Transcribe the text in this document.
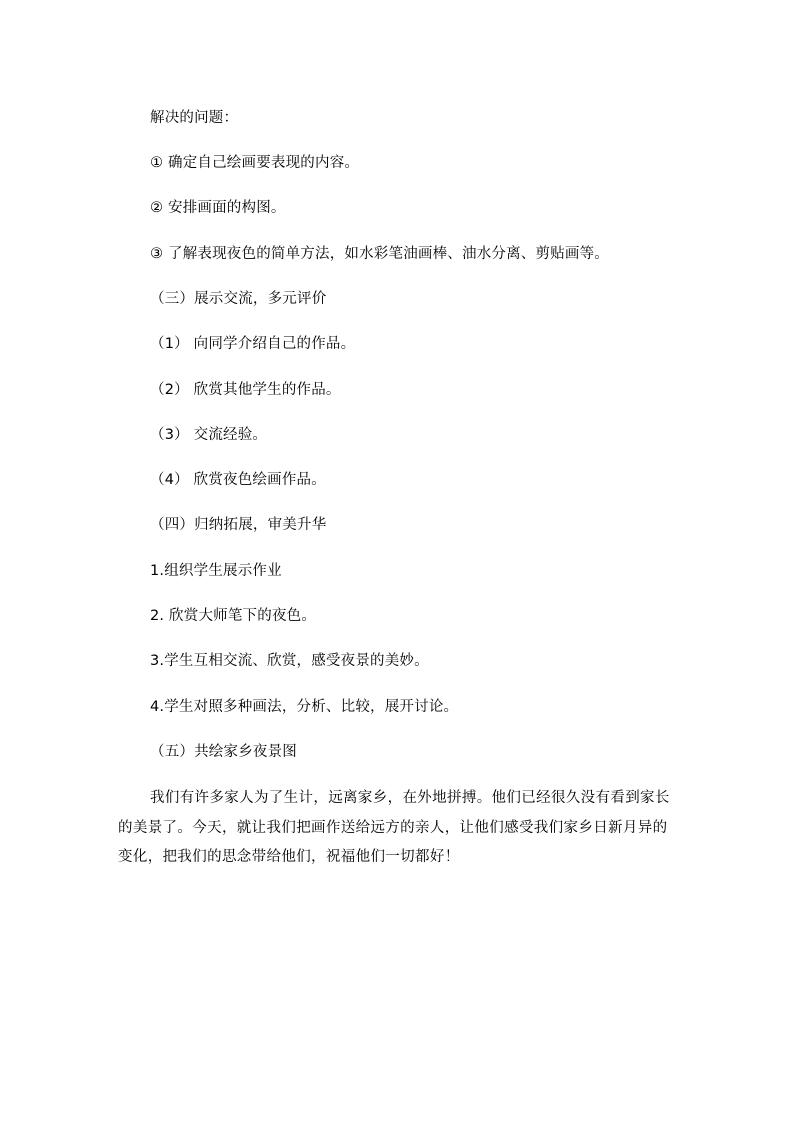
解决的问题：
① 确定自己绘画要表现的内容。
② 安排画面的构图。
③ 了解表现夜色的简单方法，如水彩笔油画棒、油水分离、剪贴画等。
（三）展示交流，多元评价
（1） 向同学介绍自己的作品。
（2） 欣赏其他学生的作品。
（3） 交流经验。
（4） 欣赏夜色绘画作品。
（四）归纳拓展，审美升华
1.组织学生展示作业
2. 欣赏大师笔下的夜色。
3.学生互相交流、欣赏，感受夜景的美妙。
4.学生对照多种画法，分析、比较，展开讨论。
（五）共绘家乡夜景图
我们有许多家人为了生计，远离家乡，在外地拼搏。他们已经很久没有看到家长的美景了。今天，就让我们把画作送给远方的亲人，让他们感受我们家乡日新月异的变化，把我们的思念带给他们，祝福他们一切都好！
